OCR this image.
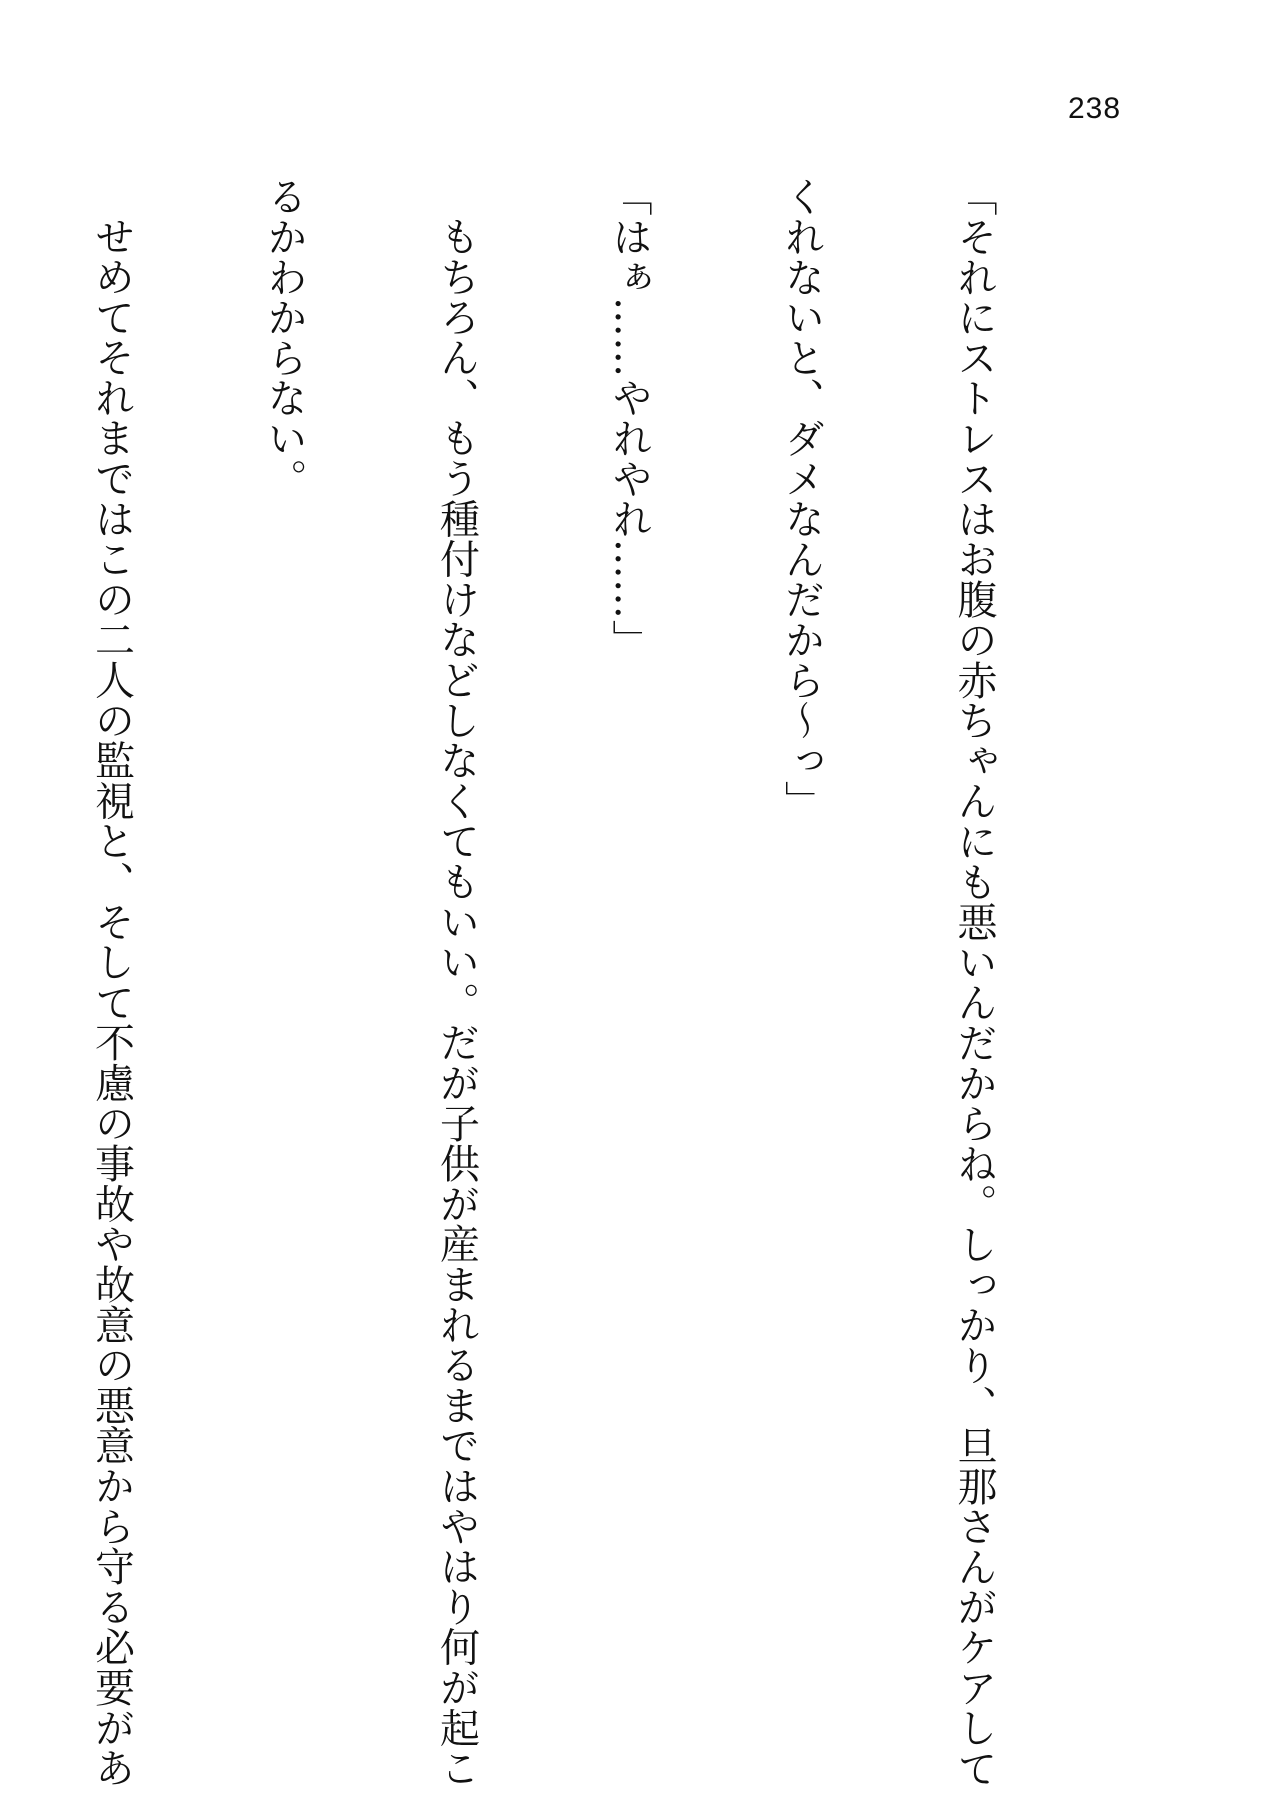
238

「それにストレスはお腹の赤ちゃんにも悪いんだからね。しっかり、旦那さんがケアして

くれないと、ダメなんだから〜っ」

「はぁ……やれやれ……」

もちろん、もう種付けなどしなくてもいい。だが子供が産まれるまではやはり何が起こ

るかわからない。

せめてそれまではこの二人の監視と、そして不慮の事故や故意の悪意から守る必要があ
